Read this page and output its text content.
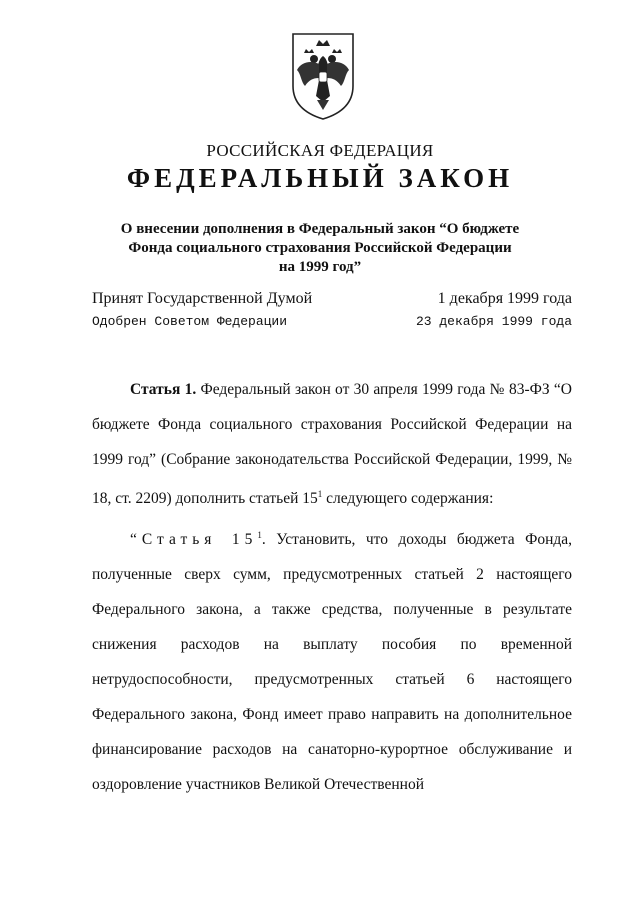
РОССИЙСКАЯ ФЕДЕРАЦИЯ
ФЕДЕРАЛЬНЫЙ ЗАКОН
О внесении дополнения в Федеральный закон “О бюджете
Фонда социального страхования Российской Федерации
на 1999 год”
Принят Государственной Думой	1 декабря 1999 года
Одобрен Советом Федерации	23 декабря 1999 года

Статья 1. Федеральный закон от 30 апреля 1999 года № 83-ФЗ “О бюджете Фонда социального страхования Российской Федерации на 1999 год” (Собрание законодательства Российской Федерации, 1999, № 18, ст. 2209) дополнить статьей $15^1$ следующего содержания:

“Статья $15^1$. Установить, что доходы бюджета Фонда, полученные сверх сумм, предусмотренных статьей 2 настоящего Федерального закона, а также средства, полученные в результате снижения расходов на выплату пособия по временной нетрудоспособности, предусмотренных статьей 6 настоящего Федерального закона, Фонд имеет право направить на дополнительное финансирование расходов на санаторно-курортное обслуживание и оздоровление участников Великой Отечественной
